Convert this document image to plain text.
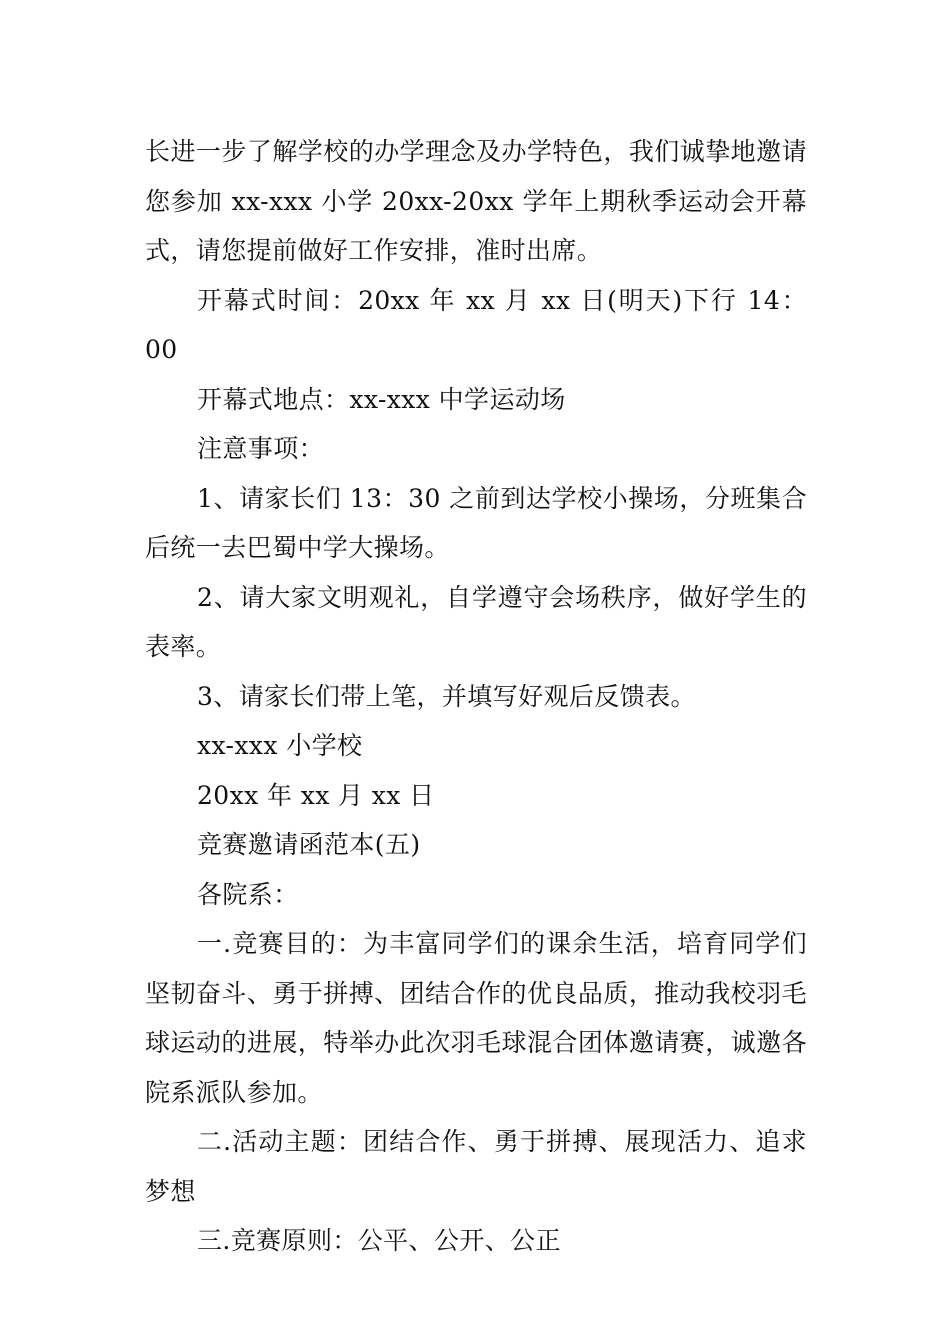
长进一步了解学校的办学理念及办学特色，我们诚挚地邀请您参加 xx-xxx 小学 20xx-20xx 学年上期秋季运动会开幕式，请您提前做好工作安排，准时出席。

开幕式时间：20xx 年 xx 月 xx 日(明天)下行 14：00

开幕式地点：xx-xxx 中学运动场

注意事项：

1、请家长们 13：30 之前到达学校小操场，分班集合后统一去巴蜀中学大操场。

2、请大家文明观礼，自学遵守会场秩序，做好学生的表率。

3、请家长们带上笔，并填写好观后反馈表。

xx-xxx 小学校

20xx 年 xx 月 xx 日

竞赛邀请函范本(五)

各院系：

一.竞赛目的：为丰富同学们的课余生活，培育同学们坚韧奋斗、勇于拼搏、团结合作的优良品质，推动我校羽毛球运动的进展，特举办此次羽毛球混合团体邀请赛，诚邀各院系派队参加。

二.活动主题：团结合作、勇于拼搏、展现活力、追求梦想

三.竞赛原则：公平、公开、公正
